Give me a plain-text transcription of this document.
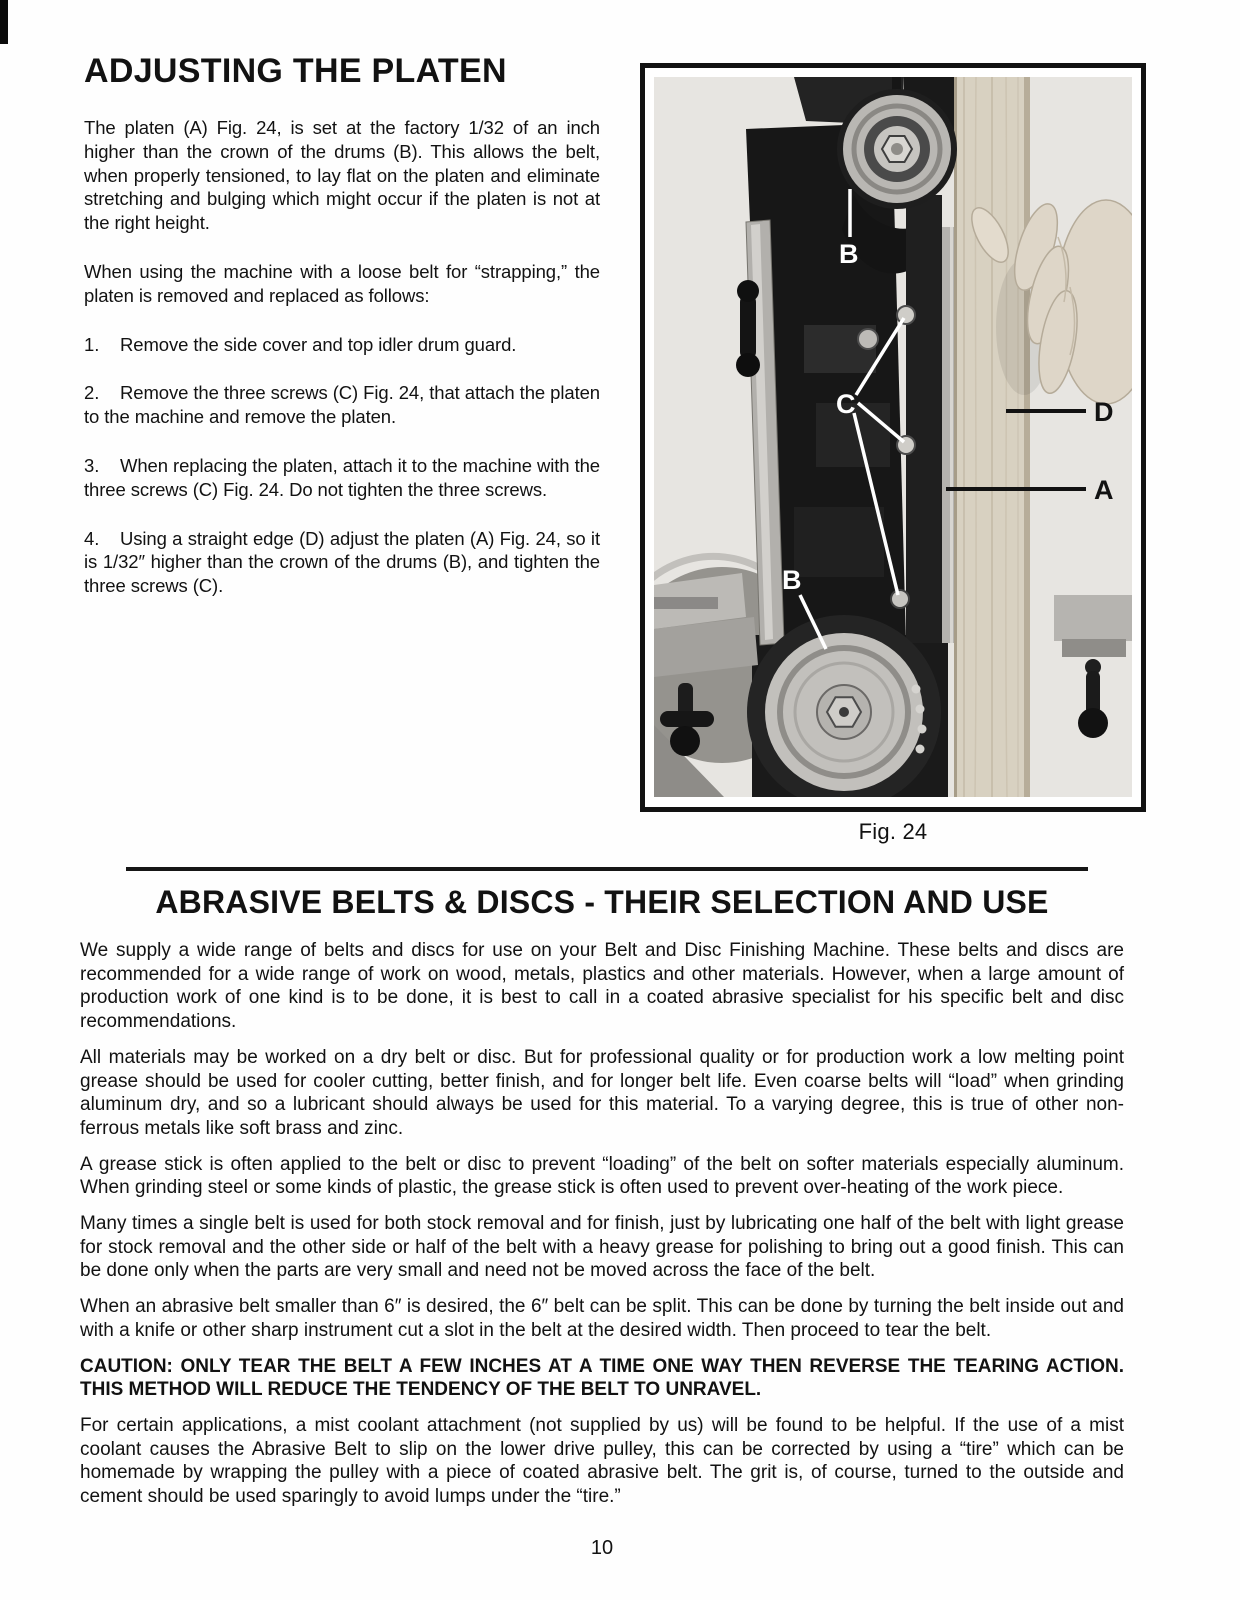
ADJUSTING THE PLATEN

The platen (A) Fig. 24, is set at the factory 1/32 of an inch higher than the crown of the drums (B). This allows the belt, when properly tensioned, to lay flat on the platen and eliminate stretching and bulging which might occur if the platen is not at the right height.

When using the machine with a loose belt for “strapping,” the platen is removed and replaced as follows:

1. Remove the side cover and top idler drum guard.

2. Remove the three screws (C) Fig. 24, that attach the platen to the machine and remove the platen.

3. When replacing the platen, attach it to the machine with the three screws (C) Fig. 24. Do not tighten the three screws.

4. Using a straight edge (D) adjust the platen (A) Fig. 24, so it is 1/32″ higher than the crown of the drums (B), and tighten the three screws (C).

B
C	D
A
B
Fig. 24
ABRASIVE BELTS & DISCS - THEIR SELECTION AND USE

We supply a wide range of belts and discs for use on your Belt and Disc Finishing Machine. These belts and discs are recommended for a wide range of work on wood, metals, plastics and other materials. However, when a large amount of production work of one kind is to be done, it is best to call in a coated abrasive specialist for his specific belt and disc recommendations.

All materials may be worked on a dry belt or disc. But for professional quality or for production work a low melting point grease should be used for cooler cutting, better finish, and for longer belt life. Even coarse belts will “load” when grinding aluminum dry, and so a lubricant should always be used for this material. To a varying degree, this is true of other non-ferrous metals like soft brass and zinc.

A grease stick is often applied to the belt or disc to prevent “loading” of the belt on softer materials especially aluminum. When grinding steel or some kinds of plastic, the grease stick is often used to prevent over-heating of the work piece.

Many times a single belt is used for both stock removal and for finish, just by lubricating one half of the belt with light grease for stock removal and the other side or half of the belt with a heavy grease for polishing to bring out a good finish. This can be done only when the parts are very small and need not be moved across the face of the belt.

When an abrasive belt smaller than 6″ is desired, the 6″ belt can be split. This can be done by turning the belt inside out and with a knife or other sharp instrument cut a slot in the belt at the desired width. Then proceed to tear the belt.

CAUTION: ONLY TEAR THE BELT A FEW INCHES AT A TIME ONE WAY THEN REVERSE THE TEARING ACTION. THIS METHOD WILL REDUCE THE TENDENCY OF THE BELT TO UNRAVEL.

For certain applications, a mist coolant attachment (not supplied by us) will be found to be helpful. If the use of a mist coolant causes the Abrasive Belt to slip on the lower drive pulley, this can be corrected by using a “tire” which can be homemade by wrapping the pulley with a piece of coated abrasive belt. The grit is, of course, turned to the outside and cement should be used sparingly to avoid lumps under the “tire.”

10
